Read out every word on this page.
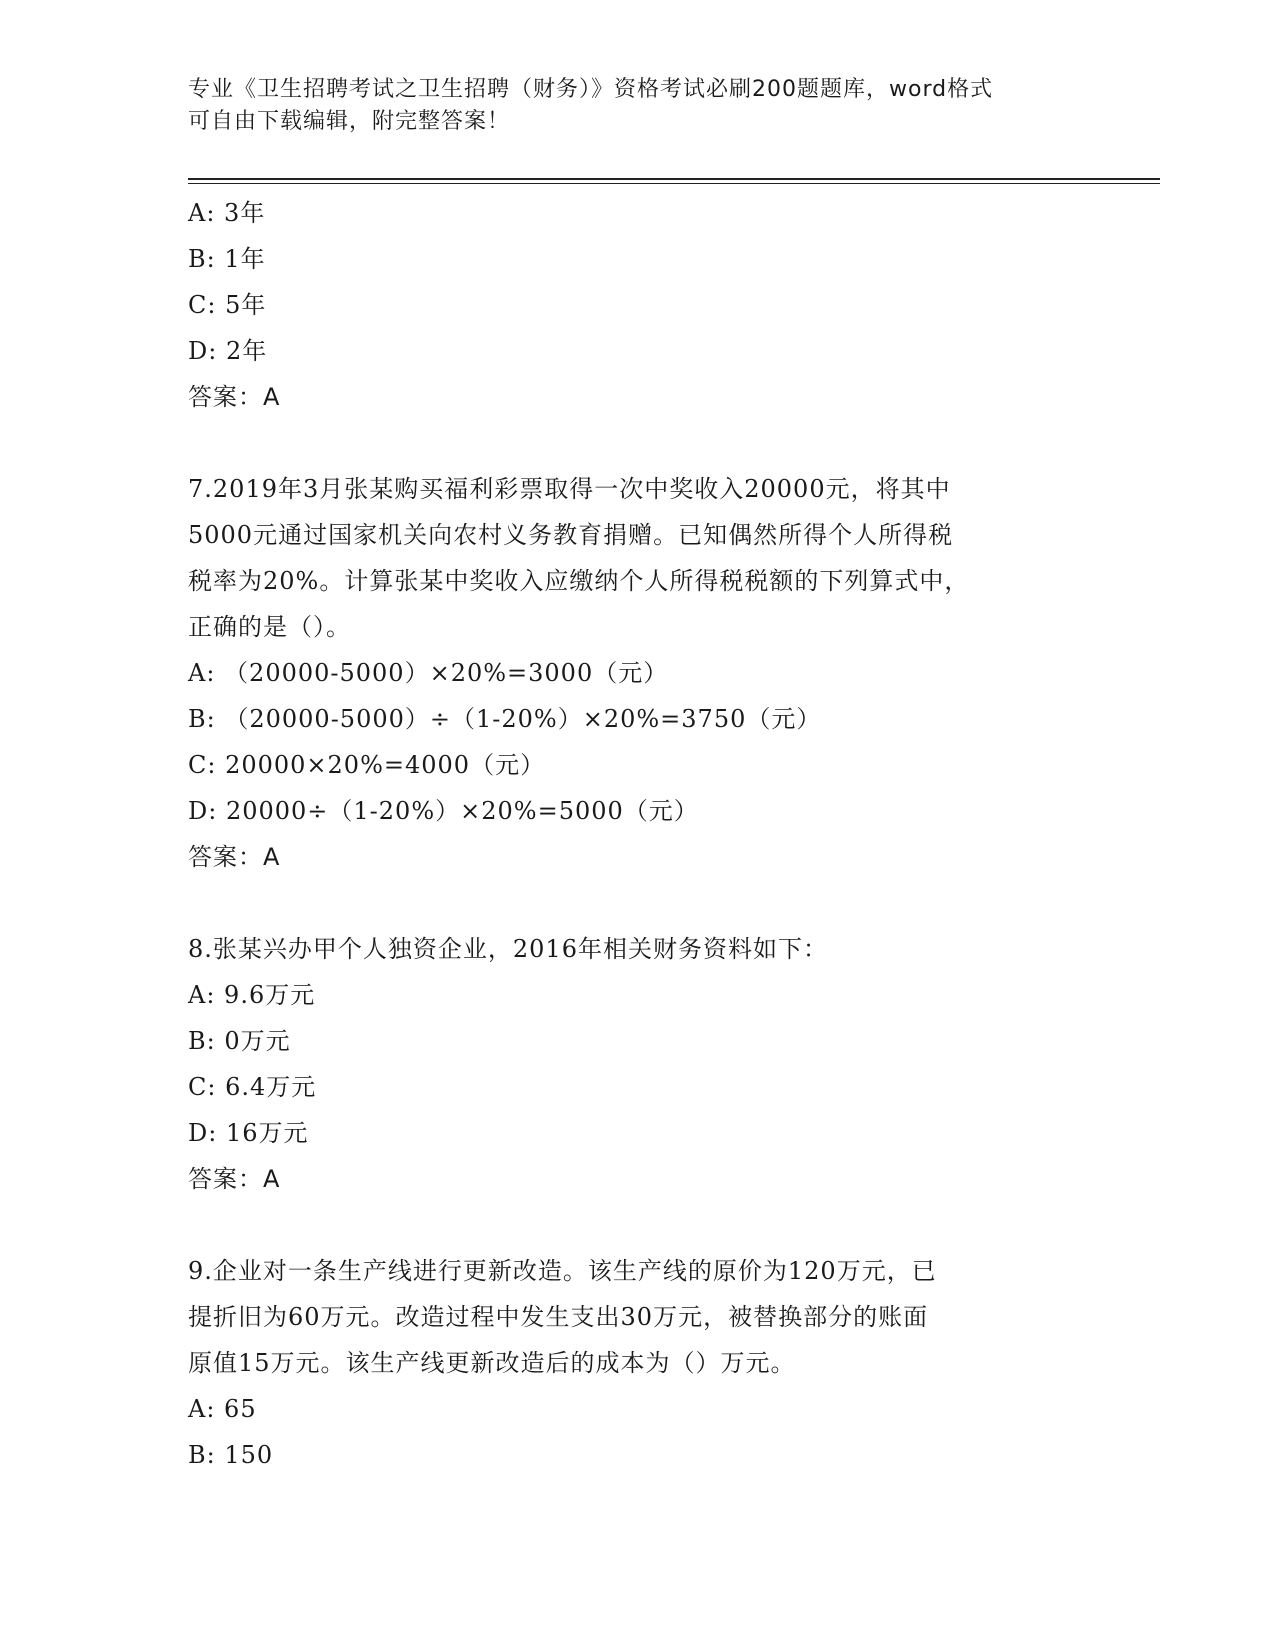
专业《卫生招聘考试之卫生招聘（财务）》资格考试必刷200题题库，word格式
可自由下载编辑，附完整答案！
A: 3年
B: 1年
C: 5年
D: 2年
答案：A
7.2019年3月张某购买福利彩票取得一次中奖收入20000元，将其中
5000元通过国家机关向农村义务教育捐赠。已知偶然所得个人所得税
税率为20%。计算张某中奖收入应缴纳个人所得税税额的下列算式中，
正确的是（）。
A: （20000-5000）×20%=3000（元）
B: （20000-5000）÷（1-20%）×20%=3750（元）
C: 20000×20%=4000（元）
D: 20000÷（1-20%）×20%=5000（元）
答案：A
8.张某兴办甲个人独资企业，2016年相关财务资料如下：
A: 9.6万元
B: 0万元
C: 6.4万元
D: 16万元
答案：A
9.企业对一条生产线进行更新改造。该生产线的原价为120万元，已
提折旧为60万元。改造过程中发生支出30万元，被替换部分的账面
原值15万元。该生产线更新改造后的成本为（）万元。
A: 65
B: 150
